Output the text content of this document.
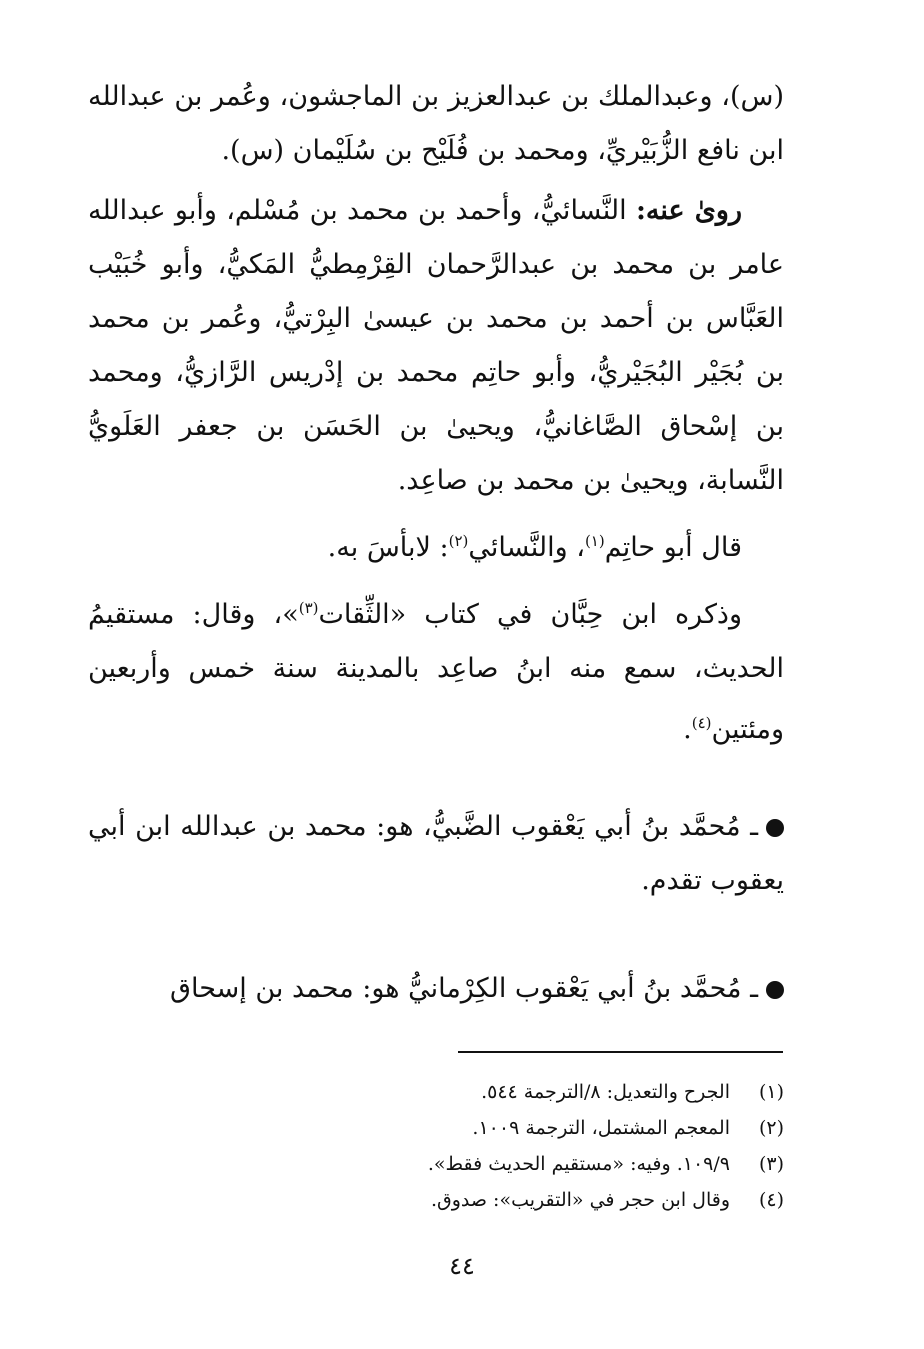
(س)، وعبدالملك بن عبدالعزيز بن الماجشون، وعُمر بن عبدالله ابن نافع الزُّبَيْريِّ، ومحمد بن فُلَيْح بن سُلَيْمان (س).

روىٰ عنه: النَّسائيُّ، وأحمد بن محمد بن مُسْلم، وأبو عبدالله عامر بن محمد بن عبدالرَّحمان القِرْمِطيُّ المَكيُّ، وأبو خُبَيْب العَبَّاس بن أحمد بن محمد بن عيسىٰ البِرْتيُّ، وعُمر بن محمد بن بُجَيْر البُجَيْريُّ، وأبو حاتِم محمد بن إدْريس الرَّازيُّ، ومحمد بن إسْحاق الصَّاغانيُّ، ويحيىٰ بن الحَسَن بن جعفر العَلَويُّ النَّسابة، ويحيىٰ بن محمد بن صاعِد.

قال أبو حاتِم$^{(١)}$، والنَّسائي$^{(٢)}$: لابأسَ به.

وذكره ابن حِبَّان في كتاب «الثِّقات$^{(٣)}$»، وقال: مستقيمُ الحديث، سمع منه ابنُ صاعِد بالمدينة سنة خمس وأربعين ومئتين$^{(٤)}$.

ـ مُحمَّد بنُ أبي يَعْقوب الضَّبيُّ، هو: محمد بن عبدالله ابن أبي يعقوب تقدم.

ـ مُحمَّد بنُ أبي يَعْقوب الكِرْمانيُّ هو: محمد بن إسحاق

(١)
الجرح والتعديل: ٨/الترجمة ٥٤٤.
(٢)
المعجم المشتمل، الترجمة ١٠٠٩.
(٣)
١٠٩/٩. وفيه: «مستقيم الحديث فقط».
(٤)
وقال ابن حجر في «التقريب»: صدوق.
٤٤
